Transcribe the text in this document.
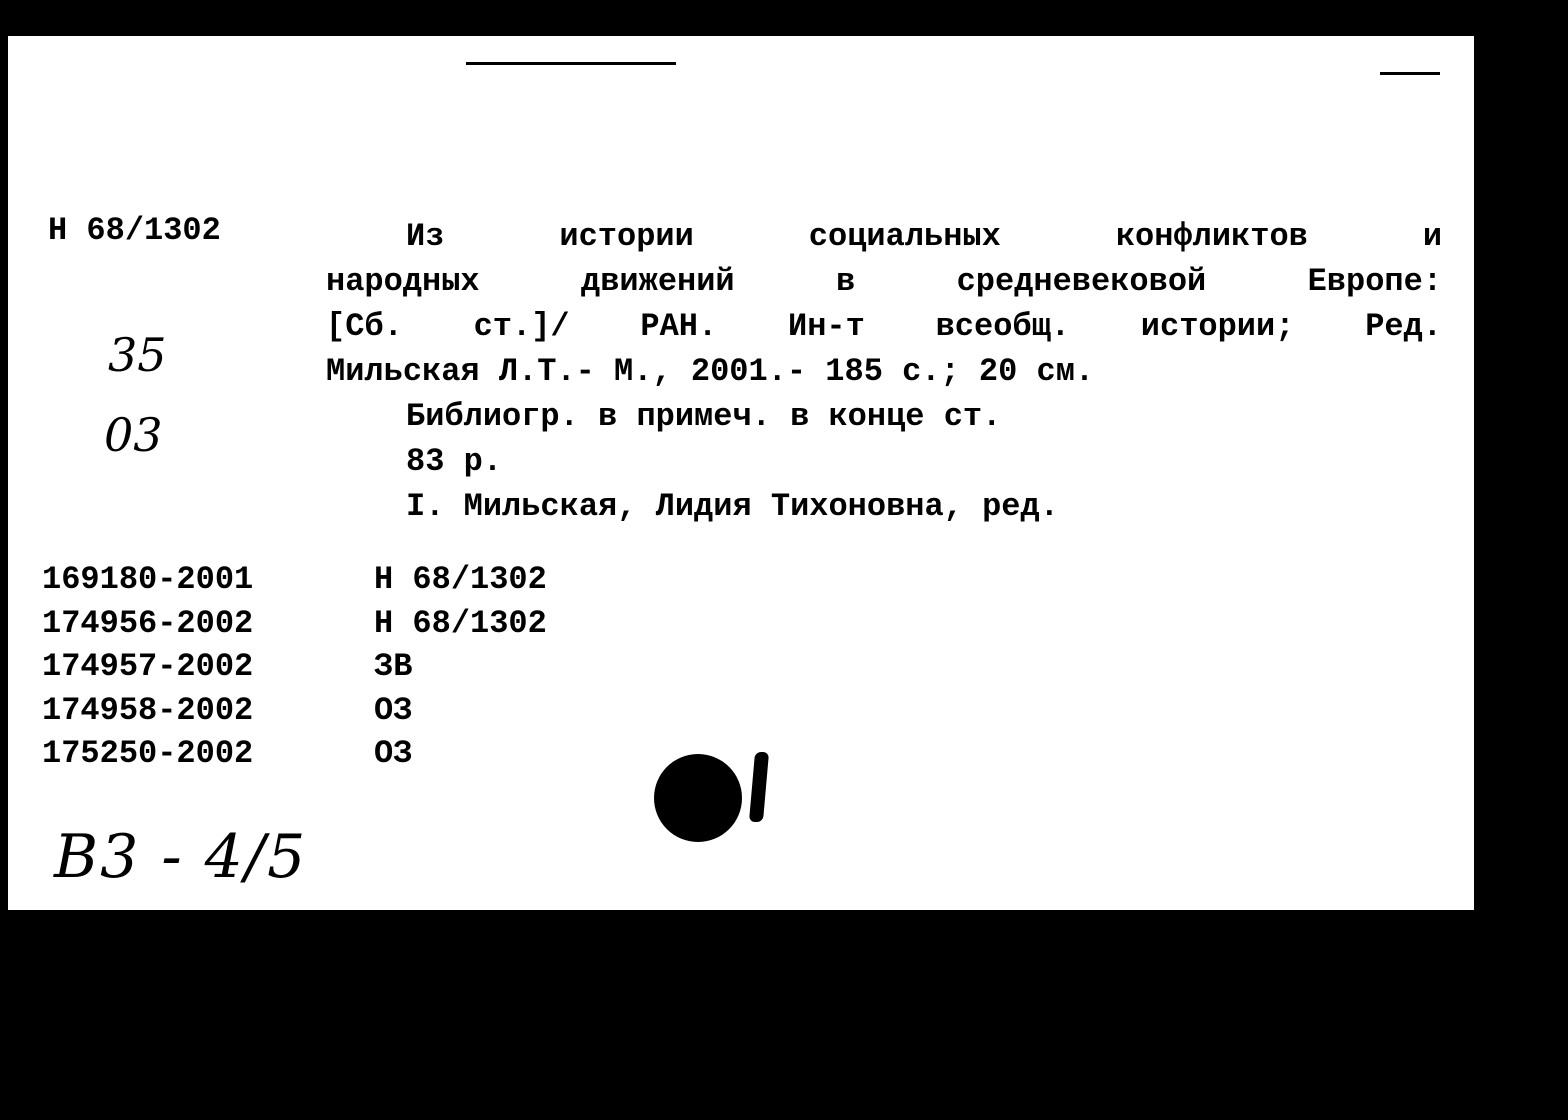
Н 68/1302	Из	истории	социальных	конфликтов	и
народных	движений	в	средневековой	Европе:
[Сб. ст.]/ РАН. Ин-т всеобщ. истории; Ред.
Мильская Л.Т.- М., 2001.- 185 с.; 20 см.
Библиогр. в примеч. в конце ст.
83 р.
I. Мильская, Лидия Тихоновна, ред.
35
03
169180-2001	Н 68/1302
174956-2002	Н 68/1302
174957-2002	ЗВ
174958-2002	ОЗ
175250-2002	ОЗ
В3 - 4/5
